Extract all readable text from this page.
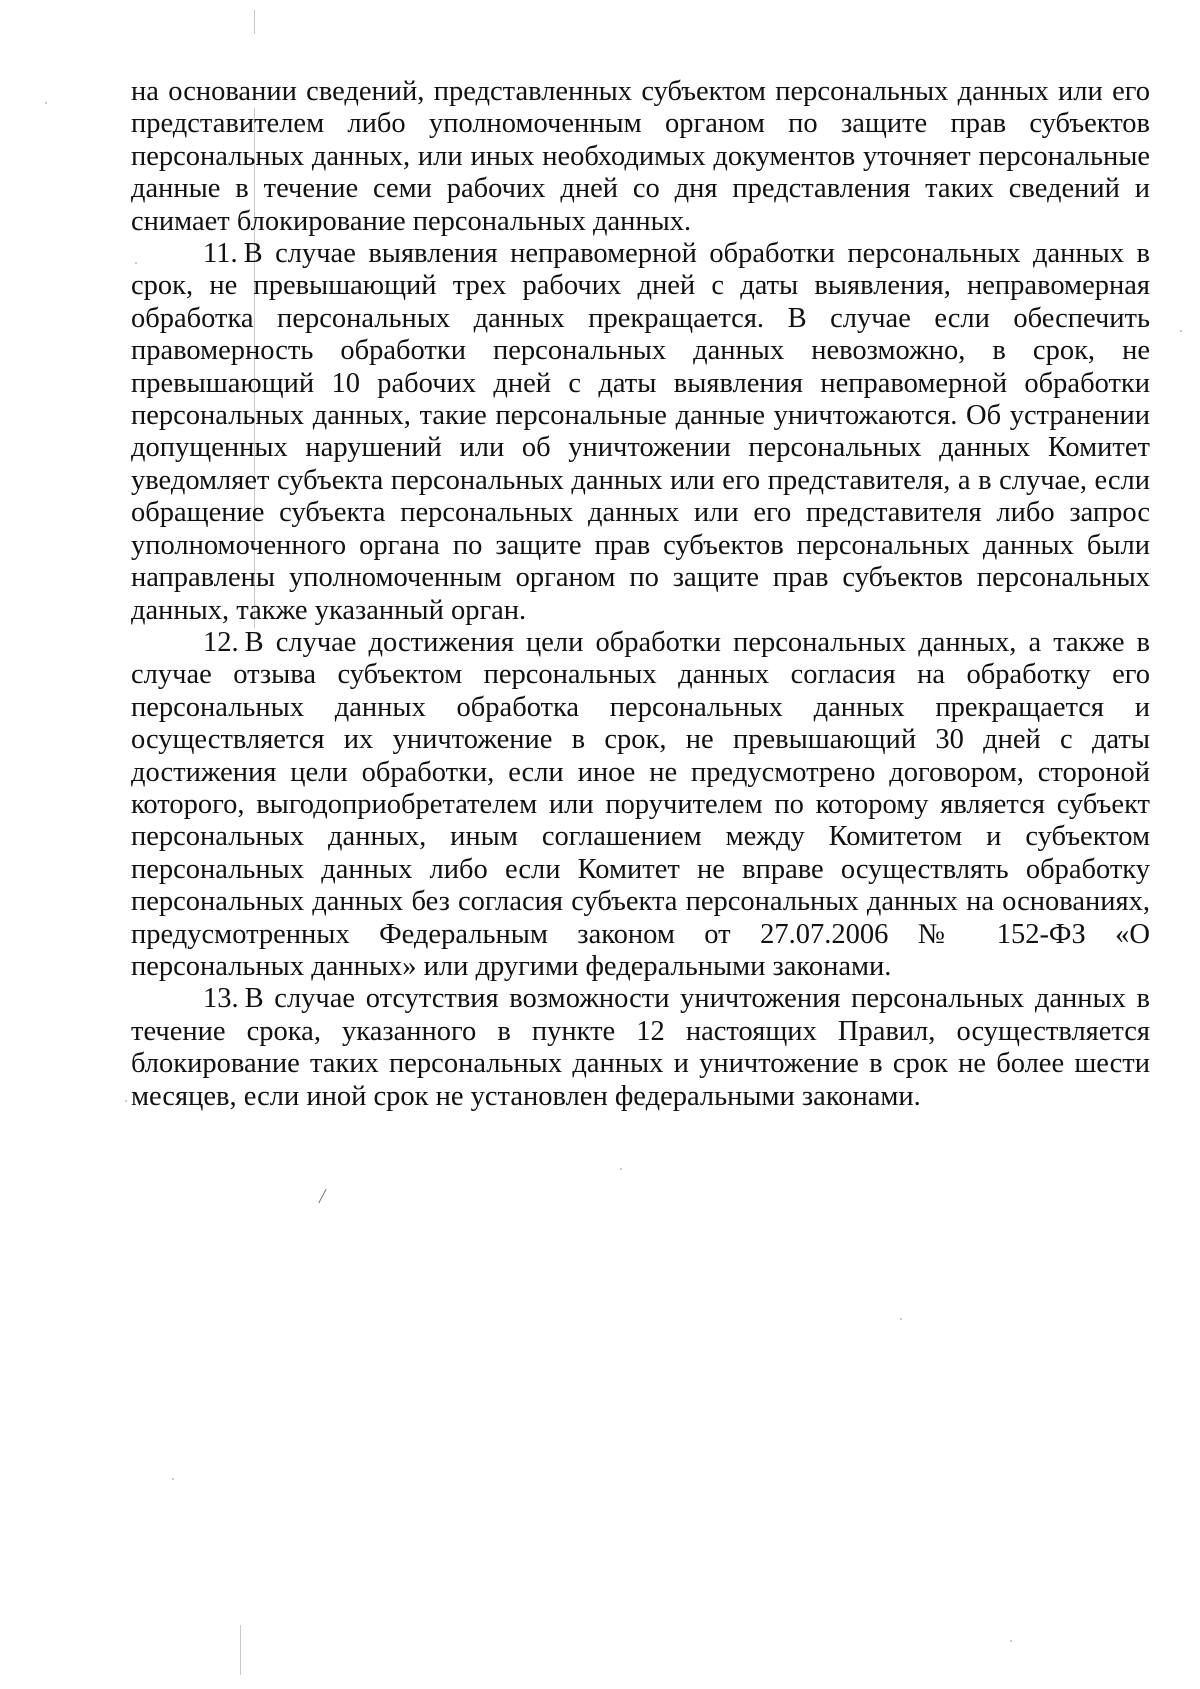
на основании сведений, представленных субъектом персональных данных или его представителем либо уполномоченным органом по защите прав субъектов персональных данных, или иных необходимых документов уточняет персональные данные в течение семи рабочих дней со дня представления таких сведений и снимает блокирование персональных данных.

11. В случае выявления неправомерной обработки персональных данных в срок, не превышающий трех рабочих дней с даты выявления, неправомерная обработка персональных данных прекращается. В случае если обеспечить правомерность обработки персональных данных невозможно, в срок, не превышающий 10 рабочих дней с даты выявления неправомерной обработки персональных данных, такие персональные данные уничтожаются. Об устранении допущенных нарушений или об уничтожении персональных данных Комитет уведомляет субъекта персональных данных или его представителя, а в случае, если обращение субъекта персональных данных или его представителя либо запрос уполномоченного органа по защите прав субъектов персональных данных были направлены уполномоченным органом по защите прав субъектов персональных данных, также указанный орган.

12. В случае достижения цели обработки персональных данных, а также в случае отзыва субъектом персональных данных согласия на обработку его персональных данных обработка персональных данных прекращается и осуществляется их уничтожение в срок, не превышающий 30 дней с даты достижения цели обработки, если иное не предусмотрено договором, стороной которого, выгодоприобретателем или поручителем по которому является субъект персональных данных, иным соглашением между Комитетом и субъектом персональных данных либо если Комитет не вправе осуществлять обработку персональных данных без согласия субъекта персональных данных на основаниях, предусмотренных Федеральным законом от 27.07.2006 № 152-ФЗ «О персональных данных» или другими федеральными законами.

13. В случае отсутствия возможности уничтожения персональных данных в течение срока, указанного в пункте 12 настоящих Правил, осуществляется блокирование таких персональных данных и уничтожение в срок не более шести месяцев, если иной срок не установлен федеральными законами.
